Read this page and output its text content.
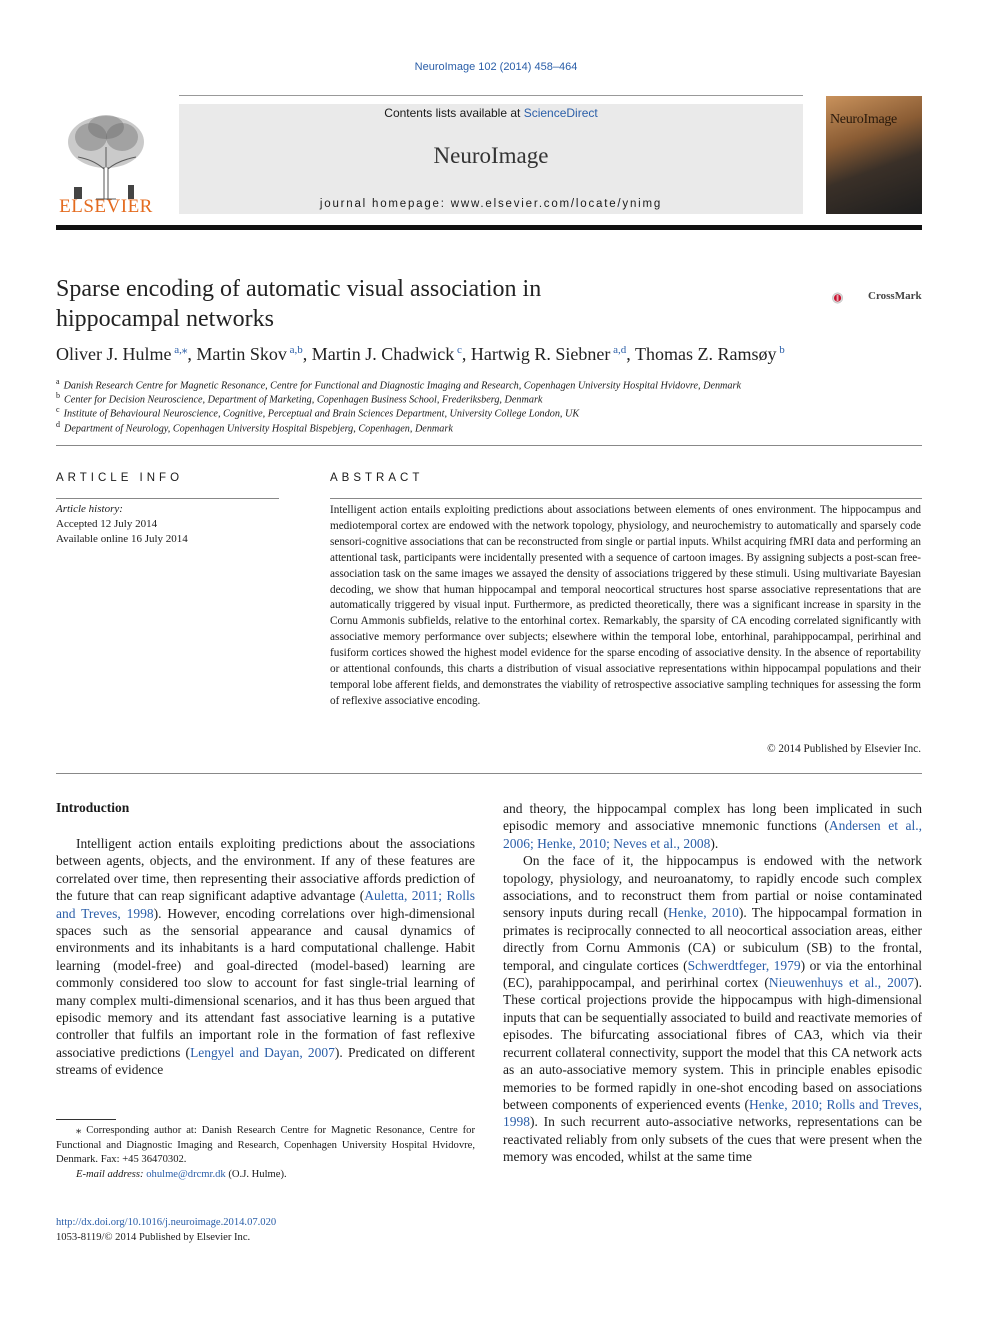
NeuroImage 102 (2014) 458–464
Contents lists available at ScienceDirect
NeuroImage
journal homepage: www.elsevier.com/locate/ynimg
ELSEVIER
NeuroImage
Sparse encoding of automatic visual association in hippocampal networks
CrossMark
Oliver J. Hulme $^{a,⁎}$, Martin Skov $^{a,b}$, Martin J. Chadwick $^c$, Hartwig R. Siebner $^{a,d}$, Thomas Z. Ramsøy $^b$
$^a$ Danish Research Centre for Magnetic Resonance, Centre for Functional and Diagnostic Imaging and Research, Copenhagen University Hospital Hvidovre, Denmark
$^b$ Center for Decision Neuroscience, Department of Marketing, Copenhagen Business School, Frederiksberg, Denmark
$^c$ Institute of Behavioural Neuroscience, Cognitive, Perceptual and Brain Sciences Department, University College London, UK
$^d$ Department of Neurology, Copenhagen University Hospital Bispebjerg, Copenhagen, Denmark
ARTICLE INFO
Article history:
Accepted 12 July 2014
Available online 16 July 2014
ABSTRACT
Intelligent action entails exploiting predictions about associations between elements of ones environment. The hippocampus and mediotemporal cortex are endowed with the network topology, physiology, and neurochemistry to automatically and sparsely code sensori-cognitive associations that can be reconstructed from single or partial inputs. Whilst acquiring fMRI data and performing an attentional task, participants were incidentally presented with a sequence of cartoon images. By assigning subjects a post-scan free-association task on the same images we assayed the density of associations triggered by these stimuli. Using multivariate Bayesian decoding, we show that human hippocampal and temporal neocortical structures host sparse associative representations that are automatically triggered by visual input. Furthermore, as predicted theoretically, there was a significant increase in sparsity in the Cornu Ammonis subfields, relative to the entorhinal cortex. Remarkably, the sparsity of CA encoding correlated significantly with associative memory performance over subjects; elsewhere within the temporal lobe, entorhinal, parahippocampal, perirhinal and fusiform cortices showed the highest model evidence for the sparse encoding of associative density. In the absence of reportability or attentional confounds, this charts a distribution of visual associative representations within hippocampal populations and their temporal lobe afferent fields, and demonstrates the viability of retrospective associative sampling techniques for assessing the form of reflexive associative encoding.
© 2014 Published by Elsevier Inc.
Introduction

Intelligent action entails exploiting predictions about the associations between agents, objects, and the environment. If any of these features are correlated over time, then representing their associative affords prediction of the future that can reap significant adaptive advantage (Auletta, 2011; Rolls and Treves, 1998). However, encoding correlations over high-dimensional spaces such as the sensorial appearance and causal dynamics of environments and its inhabitants is a hard computational challenge. Habit learning (model-free) and goal-directed (model-based) learning are commonly considered too slow to account for fast single-trial learning of many complex multi-dimensional scenarios, and it has thus been argued that episodic memory and its attendant fast associative learning is a putative controller that fulfils an important role in the formation of fast reflexive associative predictions (Lengyel and Dayan, 2007). Predicated on different streams of evidence

and theory, the hippocampal complex has long been implicated in such episodic memory and associative mnemonic functions (Andersen et al., 2006; Henke, 2010; Neves et al., 2008).

On the face of it, the hippocampus is endowed with the network topology, physiology, and neuroanatomy, to rapidly encode such complex associations, and to reconstruct them from partial or noise contaminated sensory inputs during recall (Henke, 2010). The hippocampal formation in primates is reciprocally connected to all neocortical association areas, either directly from Cornu Ammonis (CA) or subiculum (SB) to the frontal, temporal, and cingulate cortices (Schwerdtfeger, 1979) or via the entorhinal (EC), parahippocampal, and perirhinal cortex (Nieuwenhuys et al., 2007). These cortical projections provide the hippocampus with high-dimensional inputs that can be sequentially associated to build and reactivate memories of episodes. The bifurcating associational fibres of CA3, which via their recurrent collateral connectivity, support the model that this CA network acts as an auto-associative memory system. This in principle enables episodic memories to be formed rapidly in one-shot encoding based on associations between components of experienced events (Henke, 2010; Rolls and Treves, 1998). In such recurrent auto-associative networks, representations can be reactivated reliably from only subsets of the cues that were present when the memory was encoded, whilst at the same time

⁎ Corresponding author at: Danish Research Centre for Magnetic Resonance, Centre for Functional and Diagnostic Imaging and Research, Copenhagen University Hospital Hvidovre, Denmark. Fax: +45 36470302.
E-mail address: ohulme@drcmr.dk (O.J. Hulme).
http://dx.doi.org/10.1016/j.neuroimage.2014.07.020
1053-8119/© 2014 Published by Elsevier Inc.
